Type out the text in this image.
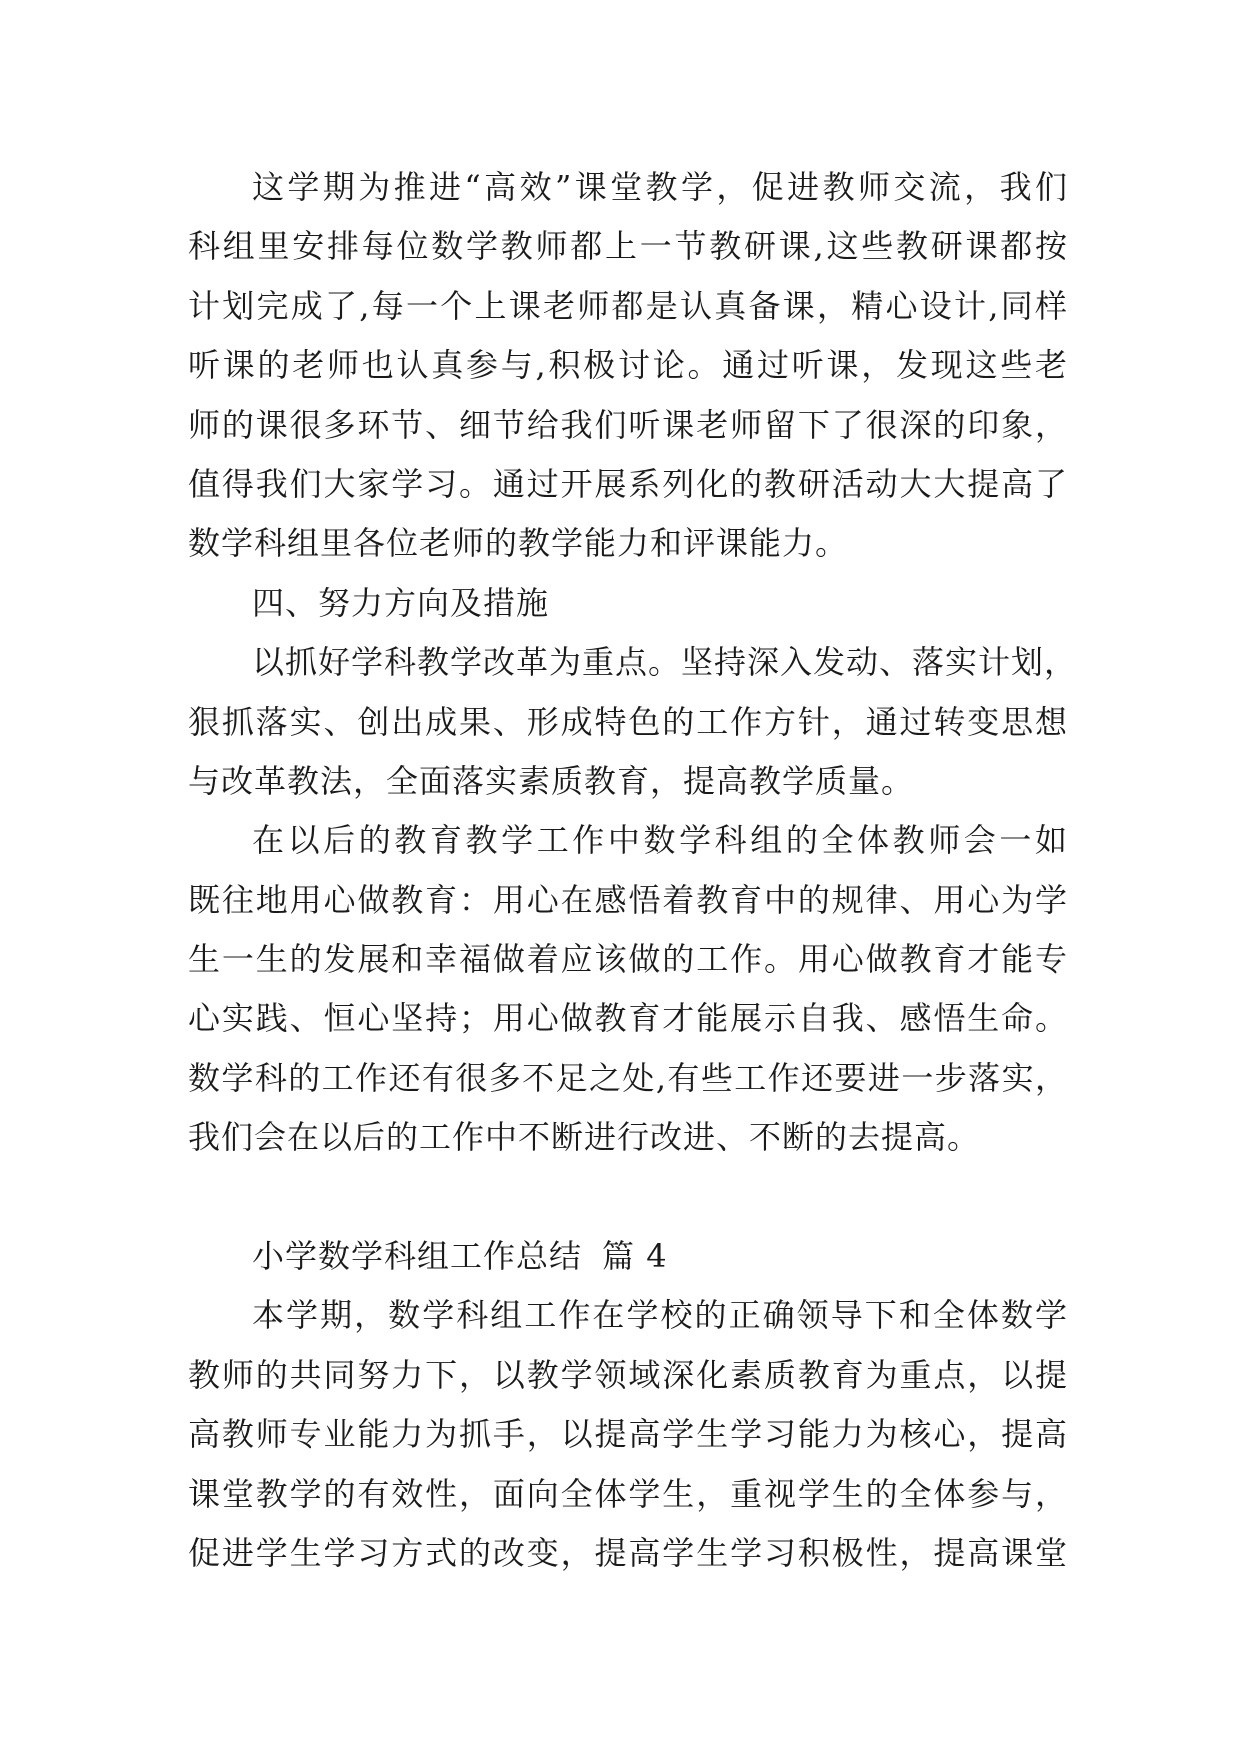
这学期为推进“高效”课堂教学，促进教师交流，我们
科组里安排每位数学教师都上一节教研课,这些教研课都按
计划完成了,每一个上课老师都是认真备课，精心设计,同样
听课的老师也认真参与,积极讨论。通过听课，发现这些老
师的课很多环节、细节给我们听课老师留下了很深的印象，
值得我们大家学习。通过开展系列化的教研活动大大提高了
数学科组里各位老师的教学能力和评课能力。
四、努力方向及措施
以抓好学科教学改革为重点。坚持深入发动、落实计划，
狠抓落实、创出成果、形成特色的工作方针，通过转变思想
与改革教法，全面落实素质教育，提高教学质量。
在以后的教育教学工作中数学科组的全体教师会一如
既往地用心做教育：用心在感悟着教育中的规律、用心为学
生一生的发展和幸福做着应该做的工作。用心做教育才能专
心实践、恒心坚持；用心做教育才能展示自我、感悟生命。
数学科的工作还有很多不足之处,有些工作还要进一步落实，
我们会在以后的工作中不断进行改进、不断的去提高。
小学数学科组工作总结 篇 4
本学期，数学科组工作在学校的正确领导下和全体数学
教师的共同努力下，以教学领域深化素质教育为重点，以提
高教师专业能力为抓手，以提高学生学习能力为核心，提高
课堂教学的有效性，面向全体学生，重视学生的全体参与，
促进学生学习方式的改变，提高学生学习积极性，提高课堂
